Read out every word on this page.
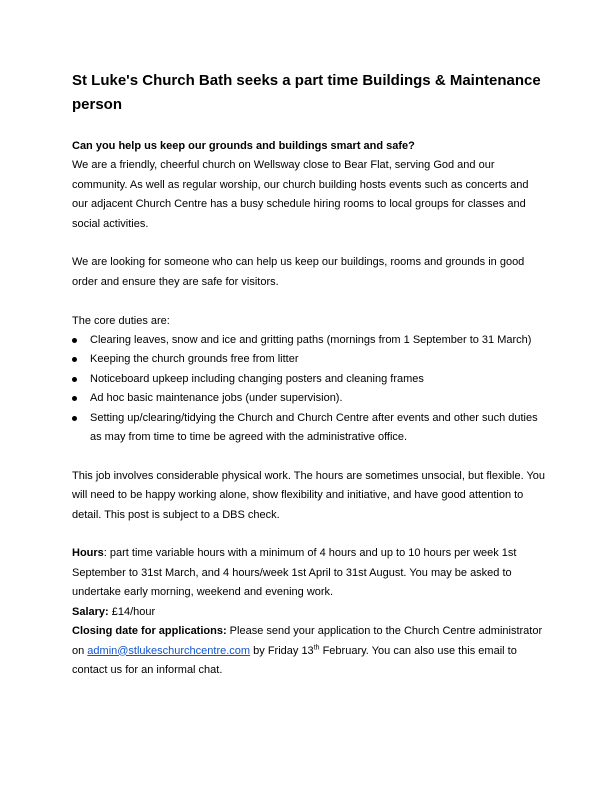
St Luke's Church Bath seeks a part time Buildings & Maintenance person

Can you help us keep our grounds and buildings smart and safe?
We are a friendly, cheerful church on Wellsway close to Bear Flat, serving God and our community. As well as regular worship, our church building hosts events such as concerts and our adjacent Church Centre has a busy schedule hiring rooms to local groups for classes and social activities.

We are looking for someone who can help us keep our buildings, rooms and grounds in good order and ensure they are safe for visitors.

The core duties are:

Clearing leaves, snow and ice and gritting paths (mornings from 1 September to 31 March)
Keeping the church grounds free from litter
Noticeboard upkeep including changing posters and cleaning frames
Ad hoc basic maintenance jobs (under supervision).
Setting up/clearing/tidying the Church and Church Centre after events and other such duties as may from time to time be agreed with the administrative office.

This job involves considerable physical work. The hours are sometimes unsocial, but flexible. You will need to be happy working alone, show flexibility and initiative, and have good attention to detail. This post is subject to a DBS check.

Hours: part time variable hours with a minimum of 4 hours and up to 10 hours per week 1st September to 31st March, and 4 hours/week 1st April to 31st August. You may be asked to undertake early morning, weekend and evening work.

Salary: £14/hour

Closing date for applications: Please send your application to the Church Centre administrator on admin@stlukeschurchcentre.com by Friday 13th February. You can also use this email to contact us for an informal chat.
